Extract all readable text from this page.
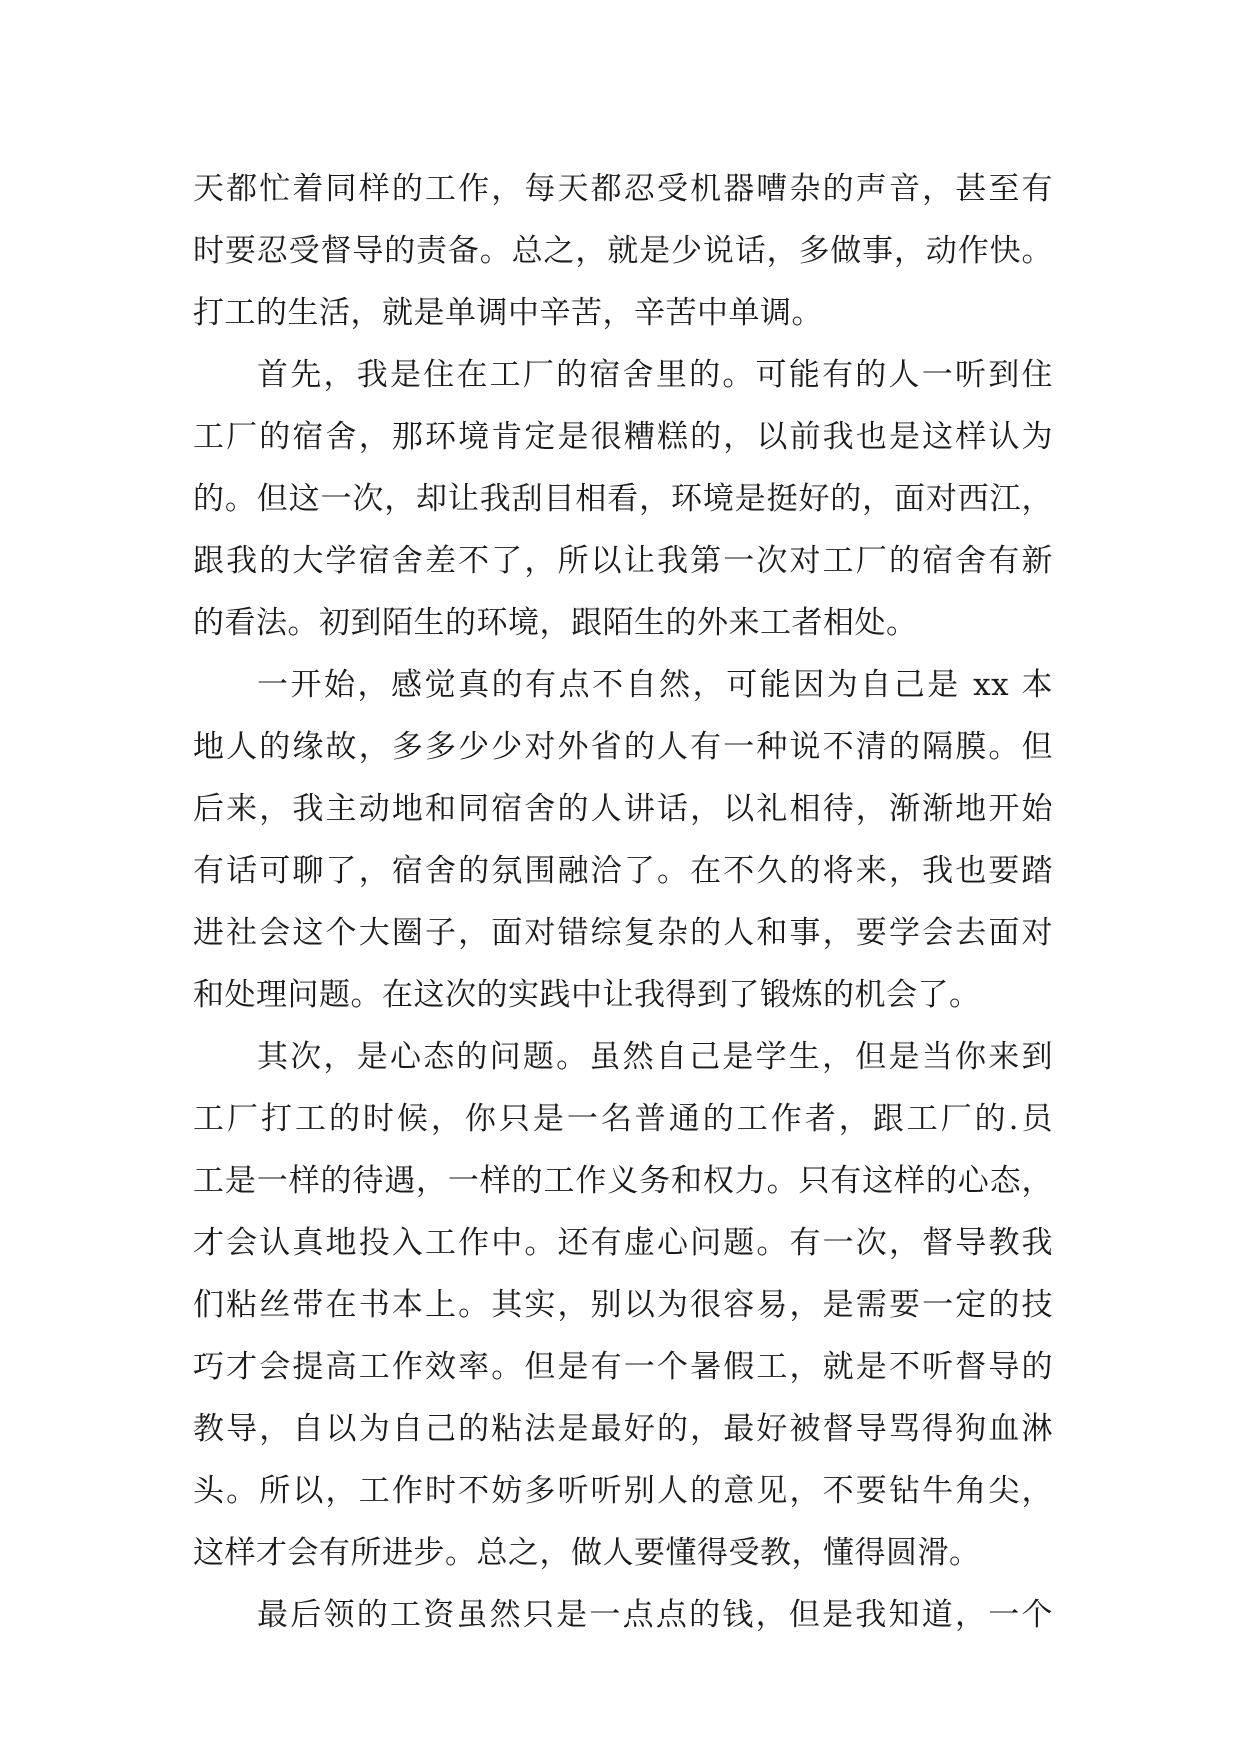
天都忙着同样的工作，每天都忍受机器嘈杂的声音，甚至有
时要忍受督导的责备。总之，就是少说话，多做事，动作快。
打工的生活，就是单调中辛苦，辛苦中单调。
首先，我是住在工厂的宿舍里的。可能有的人一听到住
工厂的宿舍，那环境肯定是很糟糕的，以前我也是这样认为
的。但这一次，却让我刮目相看，环境是挺好的，面对西江，
跟我的大学宿舍差不了，所以让我第一次对工厂的宿舍有新
的看法。初到陌生的环境，跟陌生的外来工者相处。
一开始，感觉真的有点不自然，可能因为自己是 xx 本
地人的缘故，多多少少对外省的人有一种说不清的隔膜。但
后来，我主动地和同宿舍的人讲话，以礼相待，渐渐地开始
有话可聊了，宿舍的氛围融洽了。在不久的将来，我也要踏
进社会这个大圈子，面对错综复杂的人和事，要学会去面对
和处理问题。在这次的实践中让我得到了锻炼的机会了。
其次，是心态的问题。虽然自己是学生，但是当你来到
工厂打工的时候，你只是一名普通的工作者，跟工厂的.员
工是一样的待遇，一样的工作义务和权力。只有这样的心态，
才会认真地投入工作中。还有虚心问题。有一次，督导教我
们粘丝带在书本上。其实，别以为很容易，是需要一定的技
巧才会提高工作效率。但是有一个暑假工，就是不听督导的
教导，自以为自己的粘法是最好的，最好被督导骂得狗血淋
头。所以，工作时不妨多听听别人的意见，不要钻牛角尖，
这样才会有所进步。总之，做人要懂得受教，懂得圆滑。
最后领的工资虽然只是一点点的钱，但是我知道，一个
